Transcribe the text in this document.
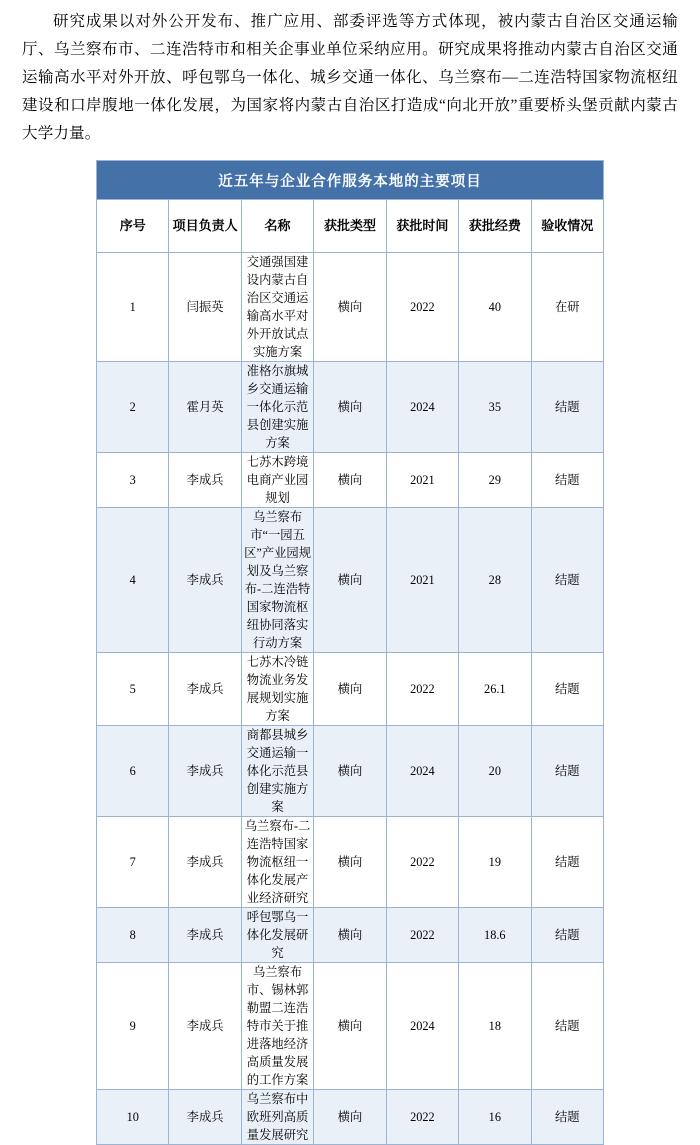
研究成果以对外公开发布、推广应用、部委评选等方式体现，被内蒙古自治区交通运输厅、乌兰察布市、二连浩特市和相关企事业单位采纳应用。研究成果将推动内蒙古自治区交通运输高水平对外开放、呼包鄂乌一体化、城乡交通一体化、乌兰察布—二连浩特国家物流枢纽建设和口岸腹地一体化发展，为国家将内蒙古自治区打造成“向北开放”重要桥头堡贡献内蒙古大学力量。

近五年与企业合作服务本地的主要项目						
序号	项目负责人	名称	获批类型	获批时间	获批经费	验收情况
1	闫振英	交通强国建设内蒙古自治区交通运输高水平对外开放试点实施方案	横向	2022	40	在研
2	霍月英	准格尔旗城乡交通运输一体化示范县创建实施方案	横向	2024	35	结题
3	李成兵	七苏木跨境电商产业园规划	横向	2021	29	结题
4	李成兵	乌兰察布市“一园五区”产业园规划及乌兰察布-二连浩特国家物流枢纽协同落实行动方案	横向	2021	28	结题
5	李成兵	七苏木冷链物流业务发展规划实施方案	横向	2022	26.1	结题
6	李成兵	商都县城乡交通运输一体化示范县创建实施方案	横向	2024	20	结题
7	李成兵	乌兰察布-二连浩特国家物流枢纽一体化发展产业经济研究	横向	2022	19	结题
8	李成兵	呼包鄂乌一体化发展研究	横向	2022	18.6	结题
9	李成兵	乌兰察布市、锡林郭勒盟二连浩特市关于推进落地经济高质量发展的工作方案	横向	2024	18	结题
10	李成兵	乌兰察布中欧班列高质量发展研究	横向	2022	16	结题
